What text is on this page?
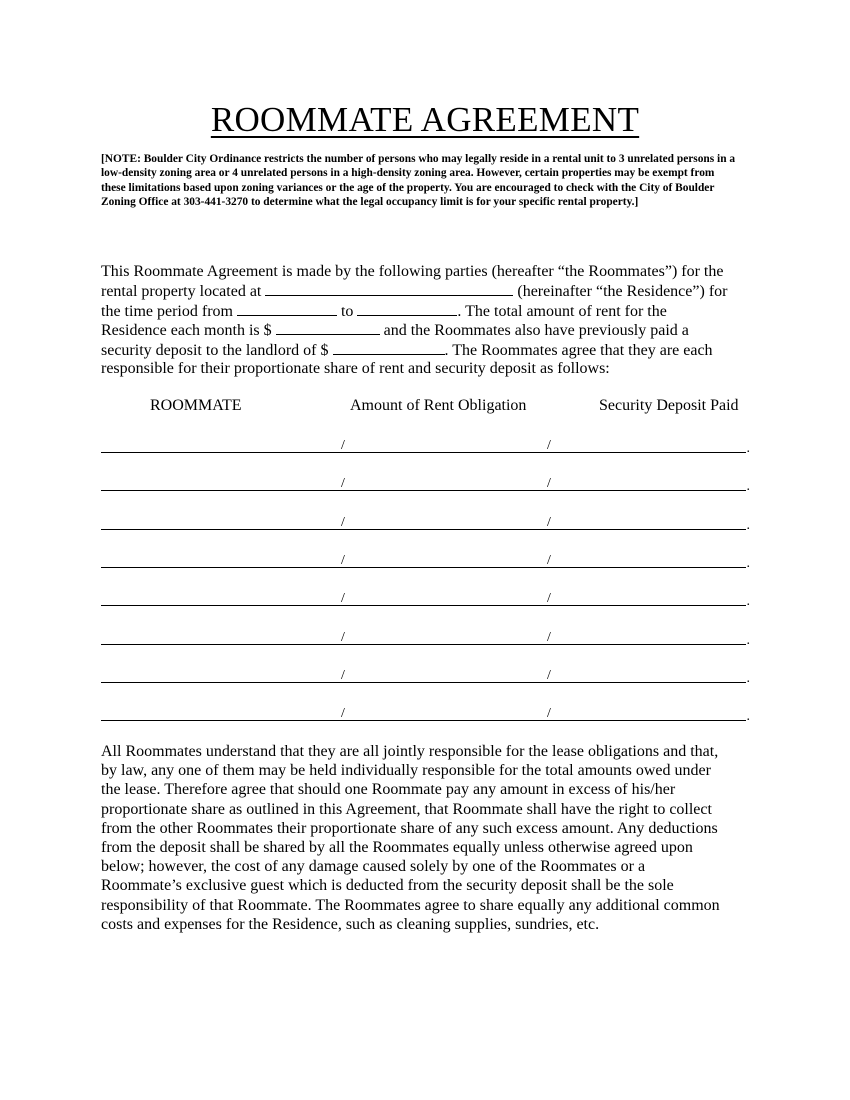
ROOMMATE AGREEMENT
[NOTE: Boulder City Ordinance restricts the number of persons who may legally reside in a rental unit to 3 unrelated persons in a low-density zoning area or 4 unrelated persons in a high-density zoning area. However, certain properties may be exempt from these limitations based upon zoning variances or the age of the property. You are encouraged to check with the City of Boulder Zoning Office at 303-441-3270 to determine what the legal occupancy limit is for your specific rental property.]
This Roommate Agreement is made by the following parties (hereafter “the Roommates”) for the
rental property located at	(hereinafter “the Residence”) for
the time period from	to	. The total amount of rent for the
Residence each month is $	and the Roommates also have previously paid a
security deposit to the landlord of $	. The Roommates agree that they are each
responsible for their proportionate share of rent and security deposit as follows:
ROOMMATE	Amount of Rent Obligation	Security Deposit Paid
/	/	.
/	/	.
/	/	.
/	/	.
/	/	.
/	/	.
/	/	.
/	/	.
All Roommates understand that they are all jointly responsible for the lease obligations and that,
by law, any one of them may be held individually responsible for the total amounts owed under
the lease. Therefore agree that should one Roommate pay any amount in excess of his/her
proportionate share as outlined in this Agreement, that Roommate shall have the right to collect
from the other Roommates their proportionate share of any such excess amount. Any deductions
from the deposit shall be shared by all the Roommates equally unless otherwise agreed upon
below; however, the cost of any damage caused solely by one of the Roommates or a
Roommate’s exclusive guest which is deducted from the security deposit shall be the sole
responsibility of that Roommate. The Roommates agree to share equally any additional common
costs and expenses for the Residence, such as cleaning supplies, sundries, etc.
